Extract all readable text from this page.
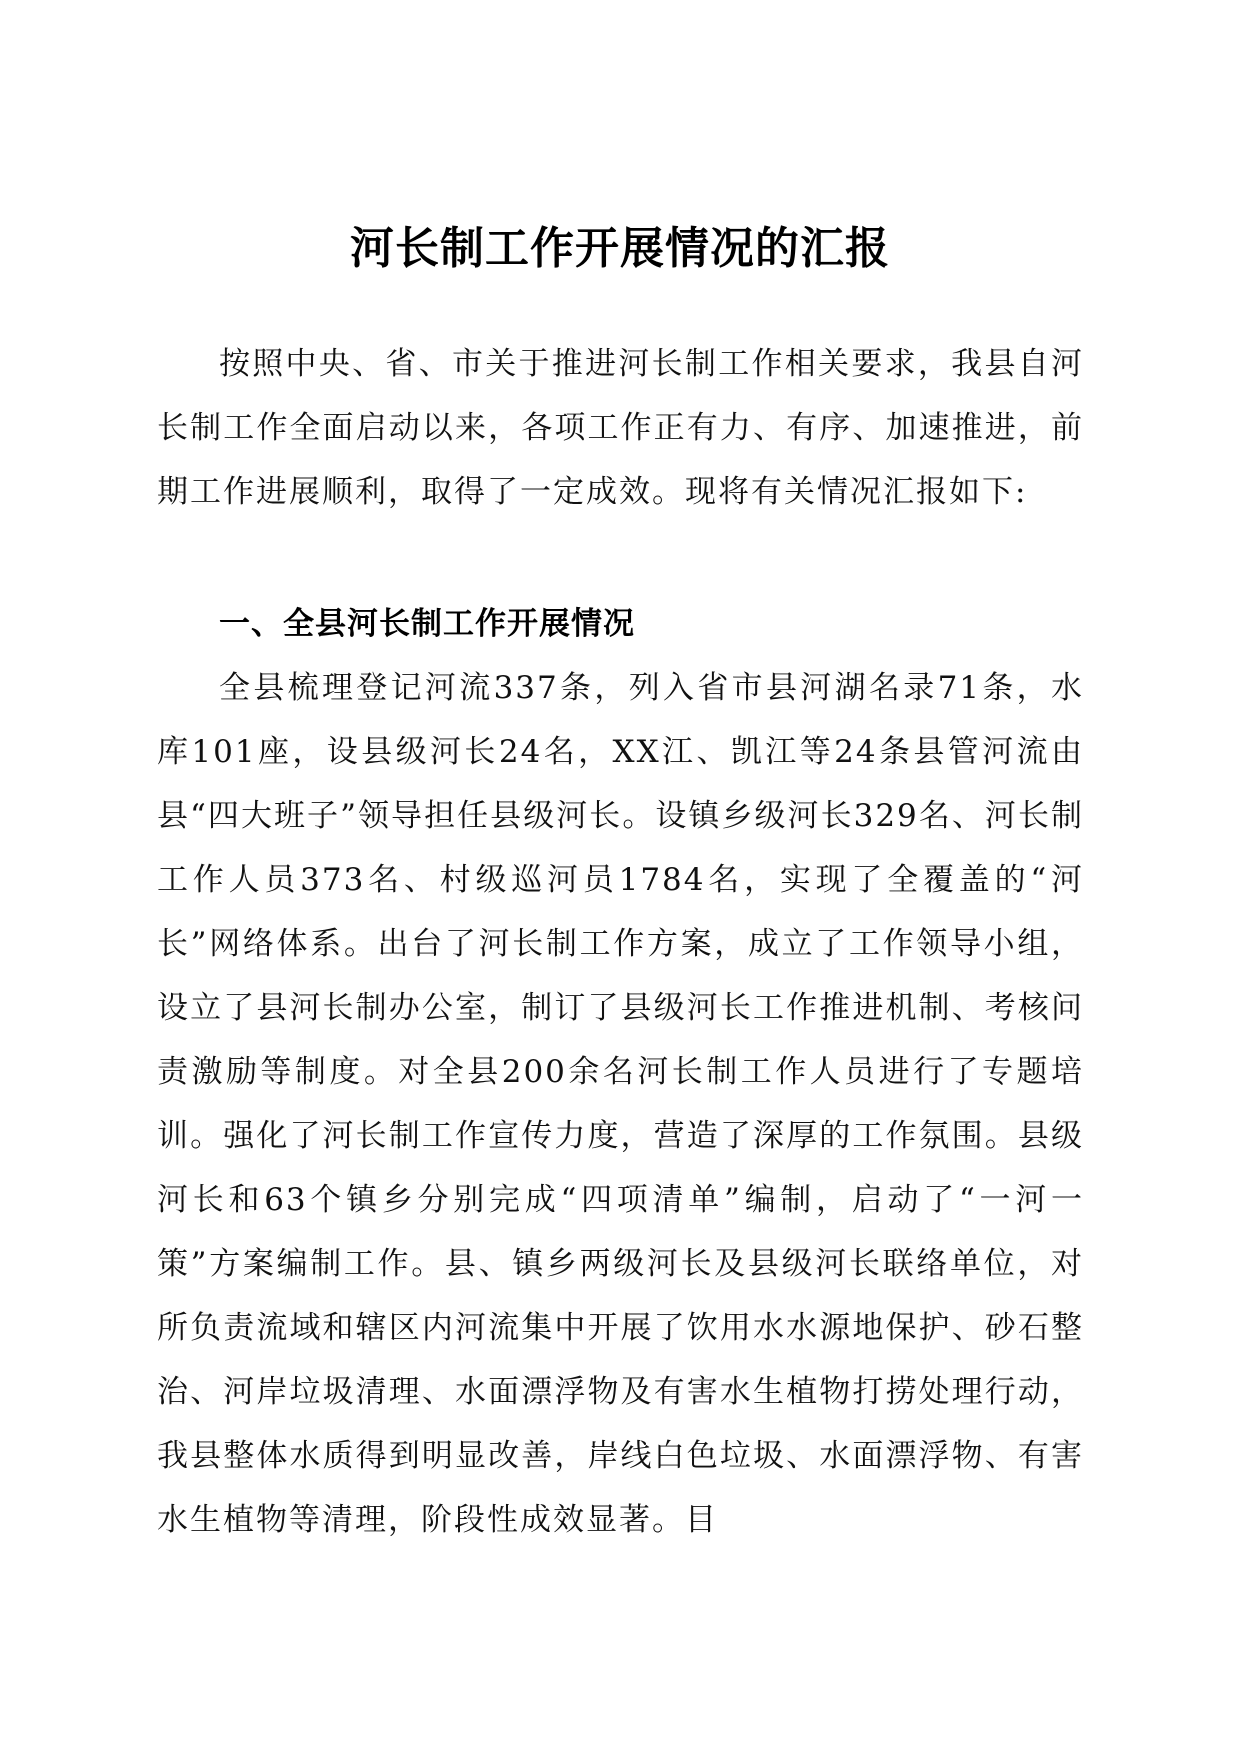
河长制工作开展情况的汇报

按照中央、省、市关于推进河长制工作相关要求，我县自河长制工作全面启动以来，各项工作正有力、有序、加速推进，前期工作进展顺利，取得了一定成效。现将有关情况汇报如下:

一、全县河长制工作开展情况

全县梳理登记河流337条，列入省市县河湖名录71条，水库101座，设县级河长24名，XX江、凯江等24条县管河流由县“四大班子”领导担任县级河长。设镇乡级河长329名、河长制工作人员373名、村级巡河员1784名，实现了全覆盖的“河长”网络体系。出台了河长制工作方案，成立了工作领导小组，设立了县河长制办公室，制订了县级河长工作推进机制、考核问责激励等制度。对全县200余名河长制工作人员进行了专题培训。强化了河长制工作宣传力度，营造了深厚的工作氛围。县级河长和63个镇乡分别完成“四项清单”编制，启动了“一河一策”方案编制工作。县、镇乡两级河长及县级河长联络单位，对所负责流域和辖区内河流集中开展了饮用水水源地保护、砂石整治、河岸垃圾清理、水面漂浮物及有害水生植物打捞处理行动，我县整体水质得到明显改善，岸线白色垃圾、水面漂浮物、有害水生植物等清理，阶段性成效显著。目
